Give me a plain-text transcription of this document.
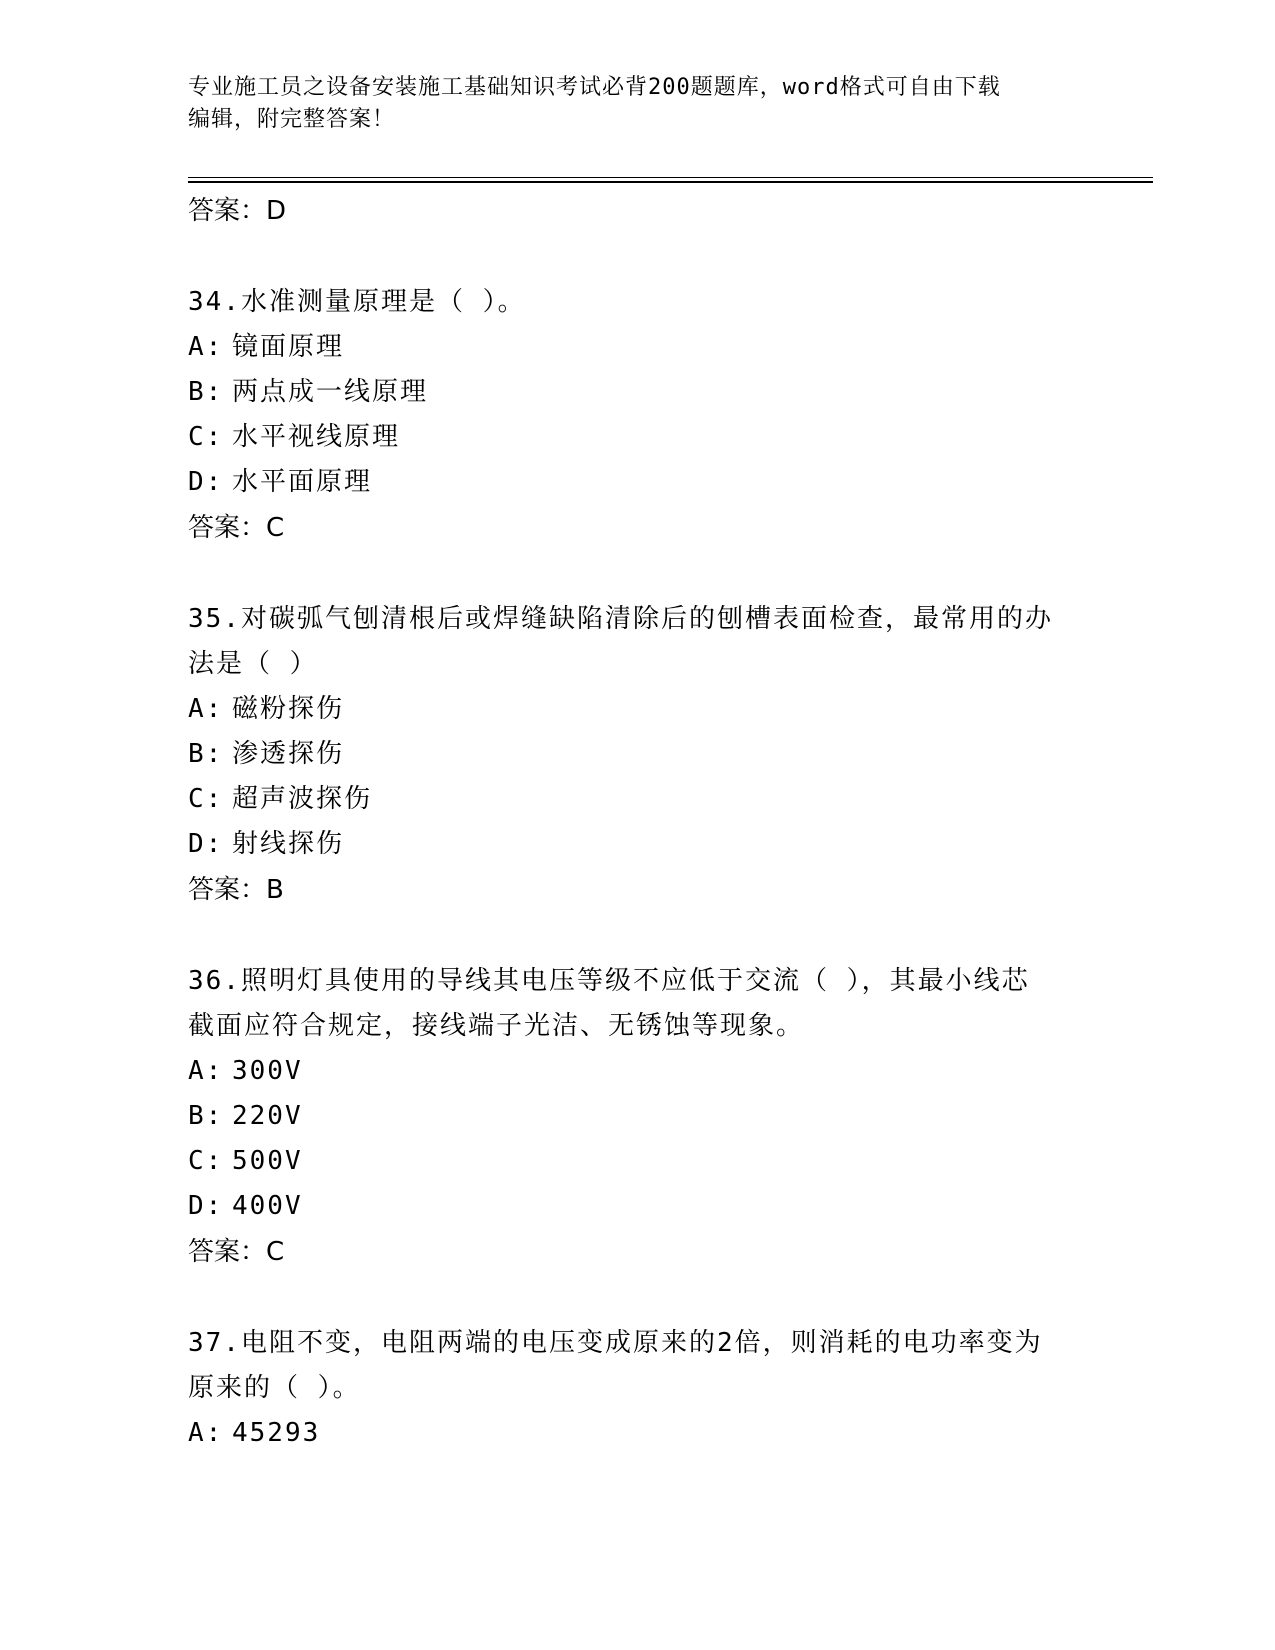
专业施工员之设备安装施工基础知识考试必背200题题库，word格式可自由下载
编辑，附完整答案！
答案：D
34.水准测量原理是（ ）。
A: 镜面原理
B: 两点成一线原理
C: 水平视线原理
D: 水平面原理
答案：C
35.对碳弧气刨清根后或焊缝缺陷清除后的刨槽表面检查，最常用的办
法是（ ）
A: 磁粉探伤
B: 渗透探伤
C: 超声波探伤
D: 射线探伤
答案：B
36.照明灯具使用的导线其电压等级不应低于交流（ ），其最小线芯
截面应符合规定，接线端子光洁、无锈蚀等现象。
A: 300V
B: 220V
C: 500V
D: 400V
答案：C
37.电阻不变，电阻两端的电压变成原来的2倍，则消耗的电功率变为
原来的（ ）。
A: 45293
